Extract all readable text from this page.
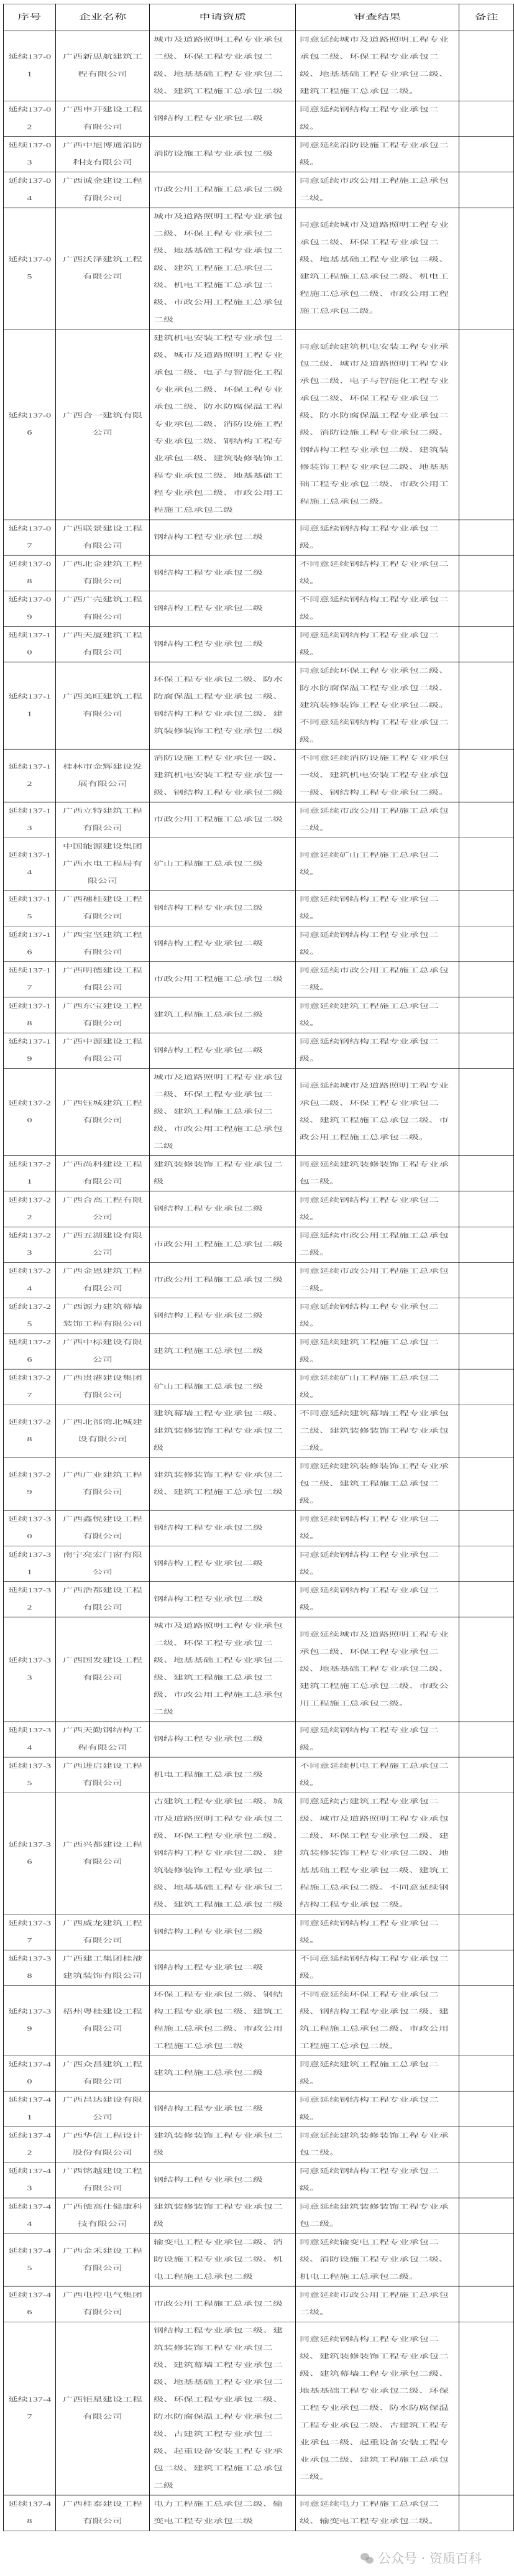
序号	企业名称	申请资质	审查结果	备注
延续137-01	广西新思航建筑工程有限公司	城市及道路照明工程专业承包二级、环保工程专业承包二级、地基基础工程专业承包二级、建筑工程施工总承包二级	同意延续城市及道路照明工程专业承包二级、环保工程专业承包二级、地基基础工程专业承包二级、建筑工程施工总承包二级。	
延续137-02	广西申开建设工程有限公司	钢结构工程专业承包二级	同意延续钢结构工程专业承包二级。	
延续137-03	广西中旭博通消防科技有限公司	消防设施工程专业承包二级	同意延续消防设施工程专业承包二级。	
延续137-04	广西诚金建设工程有限公司	市政公用工程施工总承包二级	同意延续市政公用工程施工总承包二级。	
延续137-05	广西沃泽建筑工程有限公司	城市及道路照明工程专业承包二级、环保工程专业承包二级、地基基础工程专业承包二级、建筑工程施工总承包二级、机电工程施工总承包二级、市政公用工程施工总承包二级	同意延续城市及道路照明工程专业承包二级、环保工程专业承包二级、地基基础工程专业承包二级、建筑工程施工总承包二级、机电工程施工总承包二级、市政公用工程施工总承包二级。	
延续137-06	广西合一建筑有限公司	建筑机电安装工程专业承包二级、城市及道路照明工程专业承包二级、电子与智能化工程专业承包二级、环保工程专业承包二级、防水防腐保温工程专业承包二级、消防设施工程专业承包二级、钢结构工程专业承包二级、建筑装修装饰工程专业承包二级、地基基础工程专业承包二级、市政公用工程施工总承包二级	同意延续建筑机电安装工程专业承包二级、城市及道路照明工程专业承包二级、电子与智能化工程专业承包二级、环保工程专业承包二级、防水防腐保温工程专业承包二级、消防设施工程专业承包二级、钢结构工程专业承包二级、建筑装修装饰工程专业承包二级、地基基础工程专业承包二级、市政公用工程施工总承包二级。	
延续137-07	广西联景建设工程有限公司	钢结构工程专业承包二级	同意延续钢结构工程专业承包二级。	
延续137-08	广西北金建筑工程有限公司	钢结构工程专业承包二级	不同意延续钢结构工程专业承包二级。	
延续137-09	广西广壳建筑工程有限公司	钢结构工程专业承包二级	不同意延续钢结构工程专业承包二级。	
延续137-10	广西天厦建筑工程有限公司	钢结构工程专业承包二级	同意延续钢结构工程专业承包二级。	
延续137-11	广西美旺建筑工程有限公司	环保工程专业承包二级、防水防腐保温工程专业承包二级、钢结构工程专业承包二级、建筑装修装饰工程专业承包二级	同意延续环保工程专业承包二级、防水防腐保温工程专业承包二级、建筑装修装饰工程专业承包二级。不同意延续钢结构工程专业承包二级。	
延续137-12	桂林市金辉建设发展有限公司	消防设施工程专业承包一级、建筑机电安装工程专业承包一级、钢结构工程专业承包二级	不同意延续消防设施工程专业承包一级、建筑机电安装工程专业承包一级、钢结构工程专业承包二级。	
延续137-13	广西立特建筑工程有限公司	市政公用工程施工总承包二级	同意延续市政公用工程施工总承包二级。	
延续137-14	中国能源建设集团广西水电工程局有限公司	矿山工程施工总承包二级	同意延续矿山工程施工总承包二级。	
延续137-15	广西穗桂建设工程有限公司	钢结构工程专业承包二级	同意延续钢结构工程专业承包二级。	
延续137-16	广西宝坚建筑工程有限公司	钢结构工程专业承包二级	同意延续钢结构工程专业承包二级。	
延续137-17	广西明德建设工程有限公司	市政公用工程施工总承包二级	同意延续市政公用工程施工总承包二级。	
延续137-18	广西东宝建设工程有限公司	建筑工程施工总承包二级	同意延续建筑工程施工总承包二级。	
延续137-19	广西中源建设工程有限公司	钢结构工程专业承包二级	同意延续钢结构工程专业承包二级。	
延续137-20	广西钰城建筑工程有限公司	城市及道路照明工程专业承包二级、环保工程专业承包二级、建筑工程施工总承包二级、市政公用工程施工总承包二级	同意延续城市及道路照明工程专业承包二级、环保工程专业承包二级、建筑工程施工总承包二级、市政公用工程施工总承包二级。	
延续137-21	广西尚科建设工程有限公司	建筑装修装饰工程专业承包二级	同意延续建筑装修装饰工程专业承包二级。	
延续137-22	广西合高工程有限公司	钢结构工程专业承包二级	同意延续钢结构工程专业承包二级。	
延续137-23	广西五湖建设有限公司	市政公用工程施工总承包二级	同意延续市政公用工程施工总承包二级。	
延续137-24	广西金恩建筑工程有限公司	市政公用工程施工总承包二级	同意延续市政公用工程施工总承包二级。	
延续137-25	广西源力建筑幕墙装饰工程有限公司	钢结构工程专业承包二级	同意延续钢结构工程专业承包二级。	
延续137-26	广西中标建设有限公司	建筑工程施工总承包二级	同意延续建筑工程施工总承包二级。	
延续137-27	广西贵港建设集团有限公司	矿山工程施工总承包二级	同意延续矿山工程施工总承包二级。	
延续137-28	广西北部湾北城建设有限公司	建筑幕墙工程专业承包二级、建筑装修装饰工程专业承包二级	不同意延续建筑幕墙工程专业承包二级、建筑装修装饰工程专业承包二级。	
延续137-29	广西广业建筑工程有限公司	建筑装修装饰工程专业承包二级、建筑工程施工总承包二级	同意延续建筑装修装饰工程专业承包二级、建筑工程施工总承包二级。	
延续137-30	广西鑫悦建设工程有限公司	钢结构工程专业承包二级	同意延续钢结构工程专业承包二级。	
延续137-31	南宁亮宏门窗有限公司	钢结构工程专业承包二级	同意延续钢结构工程专业承包二级。	
延续137-32	广西浩都建设工程有限公司	钢结构工程专业承包二级	同意延续钢结构工程专业承包二级。	
延续137-33	广西国发建设工程有限公司	城市及道路照明工程专业承包二级、环保工程专业承包二级、地基基础工程专业承包二级、建筑工程施工总承包二级、市政公用工程施工总承包二级	同意延续城市及道路照明工程专业承包二级、环保工程专业承包二级、地基基础工程专业承包二级、建筑工程施工总承包二级、市政公用工程施工总承包二级。	
延续137-34	广西天勤钢结构工程有限公司	钢结构工程专业承包二级	同意延续钢结构工程专业承包二级。	
延续137-35	广西进启建设工程有限公司	机电工程施工总承包二级	不同意延续机电工程施工总承包二级。	
延续137-36	广西兴都建设工程有限公司	古建筑工程专业承包二级、城市及道路照明工程专业承包二级、环保工程专业承包二级、钢结构工程专业承包二级、建筑装修装饰工程专业承包二级、地基基础工程专业承包二级、建筑工程施工总承包二级	同意延续古建筑工程专业承包二级、城市及道路照明工程专业承包二级、环保工程专业承包二级、建筑装修装饰工程专业承包二级、地基基础工程专业承包二级、建筑工程施工总承包二级。不同意延续钢结构工程专业承包二级。	
延续137-37	广西威龙建筑工程有限公司	钢结构工程专业承包二级	同意延续钢结构工程专业承包二级。	
延续137-38	广西建工集团桂港建筑装饰有限公司	钢结构工程专业承包二级	不同意延续钢结构工程专业承包二级。	
延续137-39	梧州粤桂建设工程有限公司	环保工程专业承包二级、钢结构工程专业承包二级、建筑工程施工总承包二级、市政公用工程施工总承包二级	不同意延续环保工程专业承包二级、钢结构工程专业承包二级、建筑工程施工总承包二级、市政公用工程施工总承包二级。	
延续137-40	广西众昌建筑工程有限公司	建筑工程施工总承包二级	同意延续建筑工程施工总承包二级。	
延续137-41	广西昌达建设有限公司	钢结构工程专业承包二级	同意延续钢结构工程专业承包二级。	
延续137-42	广西华信工程设计股份有限公司	建筑装修装饰工程专业承包二级	同意延续建筑装修装饰工程专业承包二级。	
延续137-43	广西铭越建设工程有限公司	钢结构工程专业承包二级	同意延续钢结构工程专业承包二级。	
延续137-44	广西德高仕健康科技有限公司	建筑装修装饰工程专业承包二级	同意延续建筑装修装饰工程专业承包二级。	
延续137-45	广西金禾建设工程有限公司	输变电工程专业承包二级、消防设施工程专业承包二级、机电工程施工总承包二级	同意延续输变电工程专业承包二级、消防设施工程专业承包二级、机电工程施工总承包二级。	
延续137-46	广西电控电气集团有限公司	市政公用工程施工总承包二级	同意延续市政公用工程施工总承包二级。	
延续137-47	广西钜星建设工程有限公司	钢结构工程专业承包二级、建筑装修装饰工程专业承包二级、建筑幕墙工程专业承包二级、地基基础工程专业承包二级、环保工程专业承包二级、防水防腐保温工程专业承包二级、古建筑工程专业承包二级、起重设备安装工程专业承包二级、建筑工程施工总承包二级	同意延续钢结构工程专业承包二级、建筑装修装饰工程专业承包二级、建筑幕墙工程专业承包二级、地基基础工程专业承包二级、环保工程专业承包二级、防水防腐保温工程专业承包二级、古建筑工程专业承包二级、起重设备安装工程专业承包二级、建筑工程施工总承包二级。	
延续137-48	广西桂泰建设工程有限公司	电力工程施工总承包二级、输变电工程专业承包二级	同意延续电力工程施工总承包二级、输变电工程专业承包二级。	
公众号 · 资质百科
